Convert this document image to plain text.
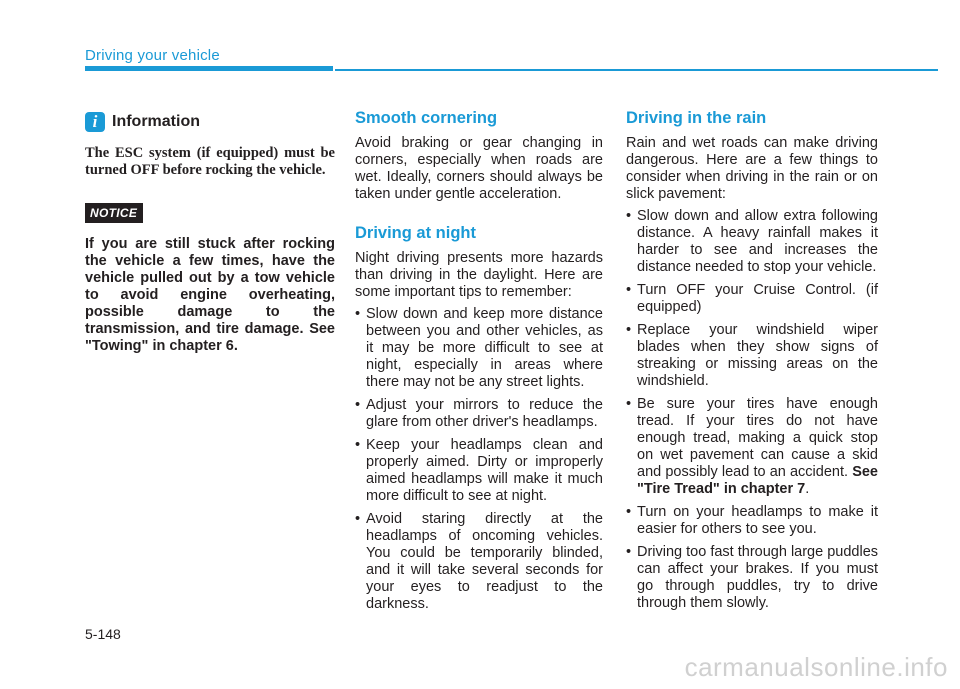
Driving your vehicle
i Information
The ESC system (if equipped) must be turned OFF before rocking the vehicle.
NOTICE
If you are still stuck after rocking the vehicle a few times, have the vehicle pulled out by a tow vehicle to avoid engine overheating, possible damage to the transmission, and tire damage. See "Towing" in chapter 6.
Smooth cornering
Avoid braking or gear changing in corners, especially when roads are wet. Ideally, corners should always be taken under gentle acceleration.
Driving at night
Night driving presents more hazards than driving in the daylight. Here are some important tips to remember:
• Slow down and keep more distance between you and other vehicles, as it may be more difficult to see at night, especially in areas where there may not be any street lights.
• Adjust your mirrors to reduce the glare from other driver's headlamps.
• Keep your headlamps clean and properly aimed. Dirty or improperly aimed headlamps will make it much more difficult to see at night.
• Avoid staring directly at the headlamps of oncoming vehicles. You could be temporarily blinded, and it will take several seconds for your eyes to readjust to the darkness.
Driving in the rain
Rain and wet roads can make driving dangerous. Here are a few things to consider when driving in the rain or on slick pavement:
• Slow down and allow extra following distance. A heavy rainfall makes it harder to see and increases the distance needed to stop your vehicle.
• Turn OFF your Cruise Control. (if equipped)
• Replace your windshield wiper blades when they show signs of streaking or missing areas on the windshield.
• Be sure your tires have enough tread. If your tires do not have enough tread, making a quick stop on wet pavement can cause a skid and possibly lead to an accident. See "Tire Tread" in chapter 7.
• Turn on your headlamps to make it easier for others to see you.
• Driving too fast through large puddles can affect your brakes. If you must go through puddles, try to drive through them slowly.
5-148
carmanualsonline.info
